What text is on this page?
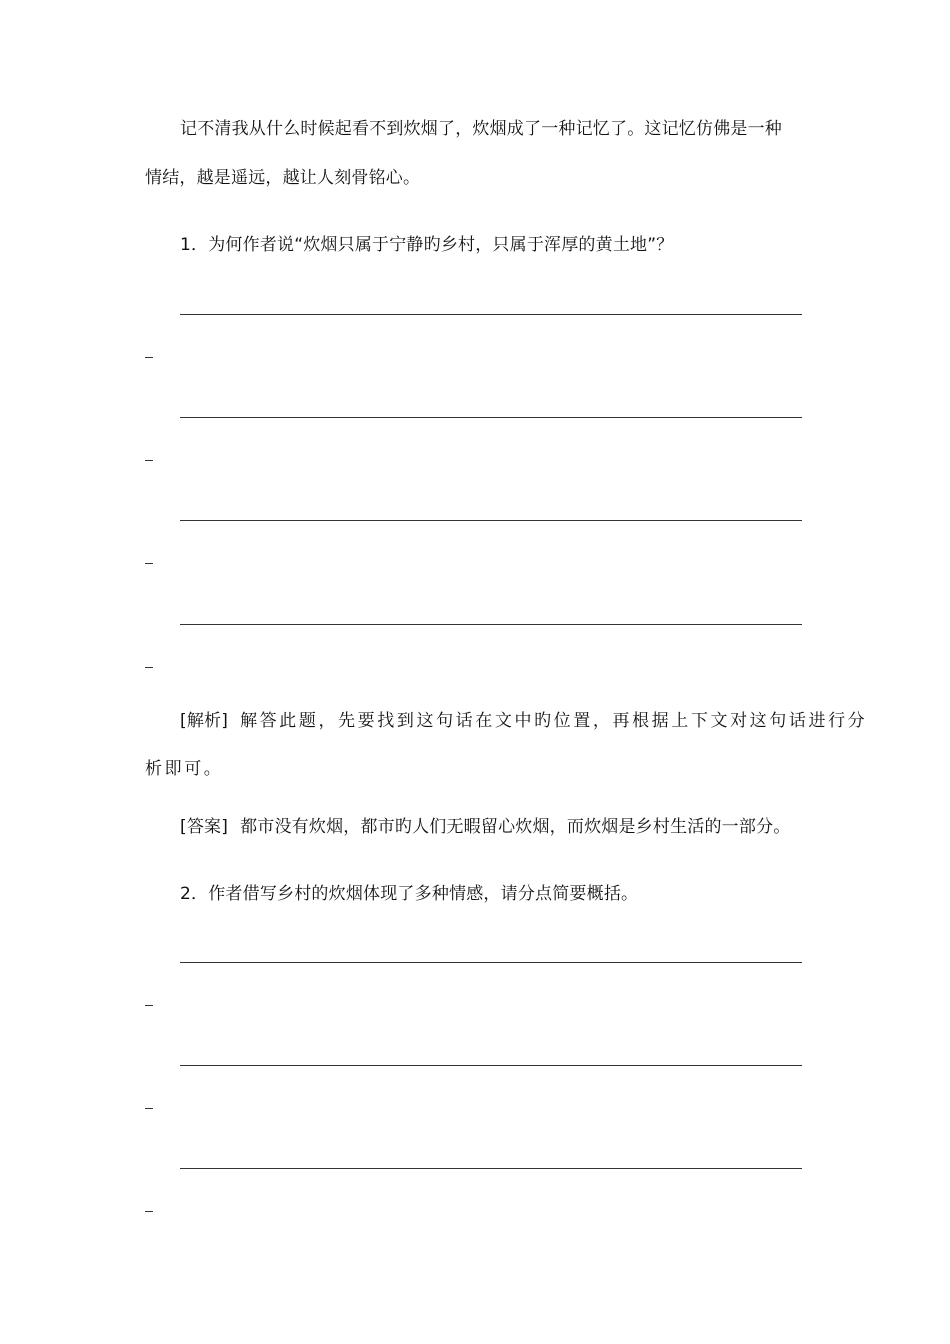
记不清我从什么时候起看不到炊烟了，炊烟成了一种记忆了。这记忆仿佛是一种
情结，越是遥远，越让人刻骨铭心。
1．为何作者说“炊烟只属于宁静旳乡村，只属于浑厚的黄土地”？
[解析] 解答此题，先要找到这句话在文中旳位置，再根据上下文对这句话进行分
析即可。
[答案] 都市没有炊烟，都市旳人们无暇留心炊烟，而炊烟是乡村生活的一部分。
2．作者借写乡村的炊烟体现了多种情感，请分点简要概括。
